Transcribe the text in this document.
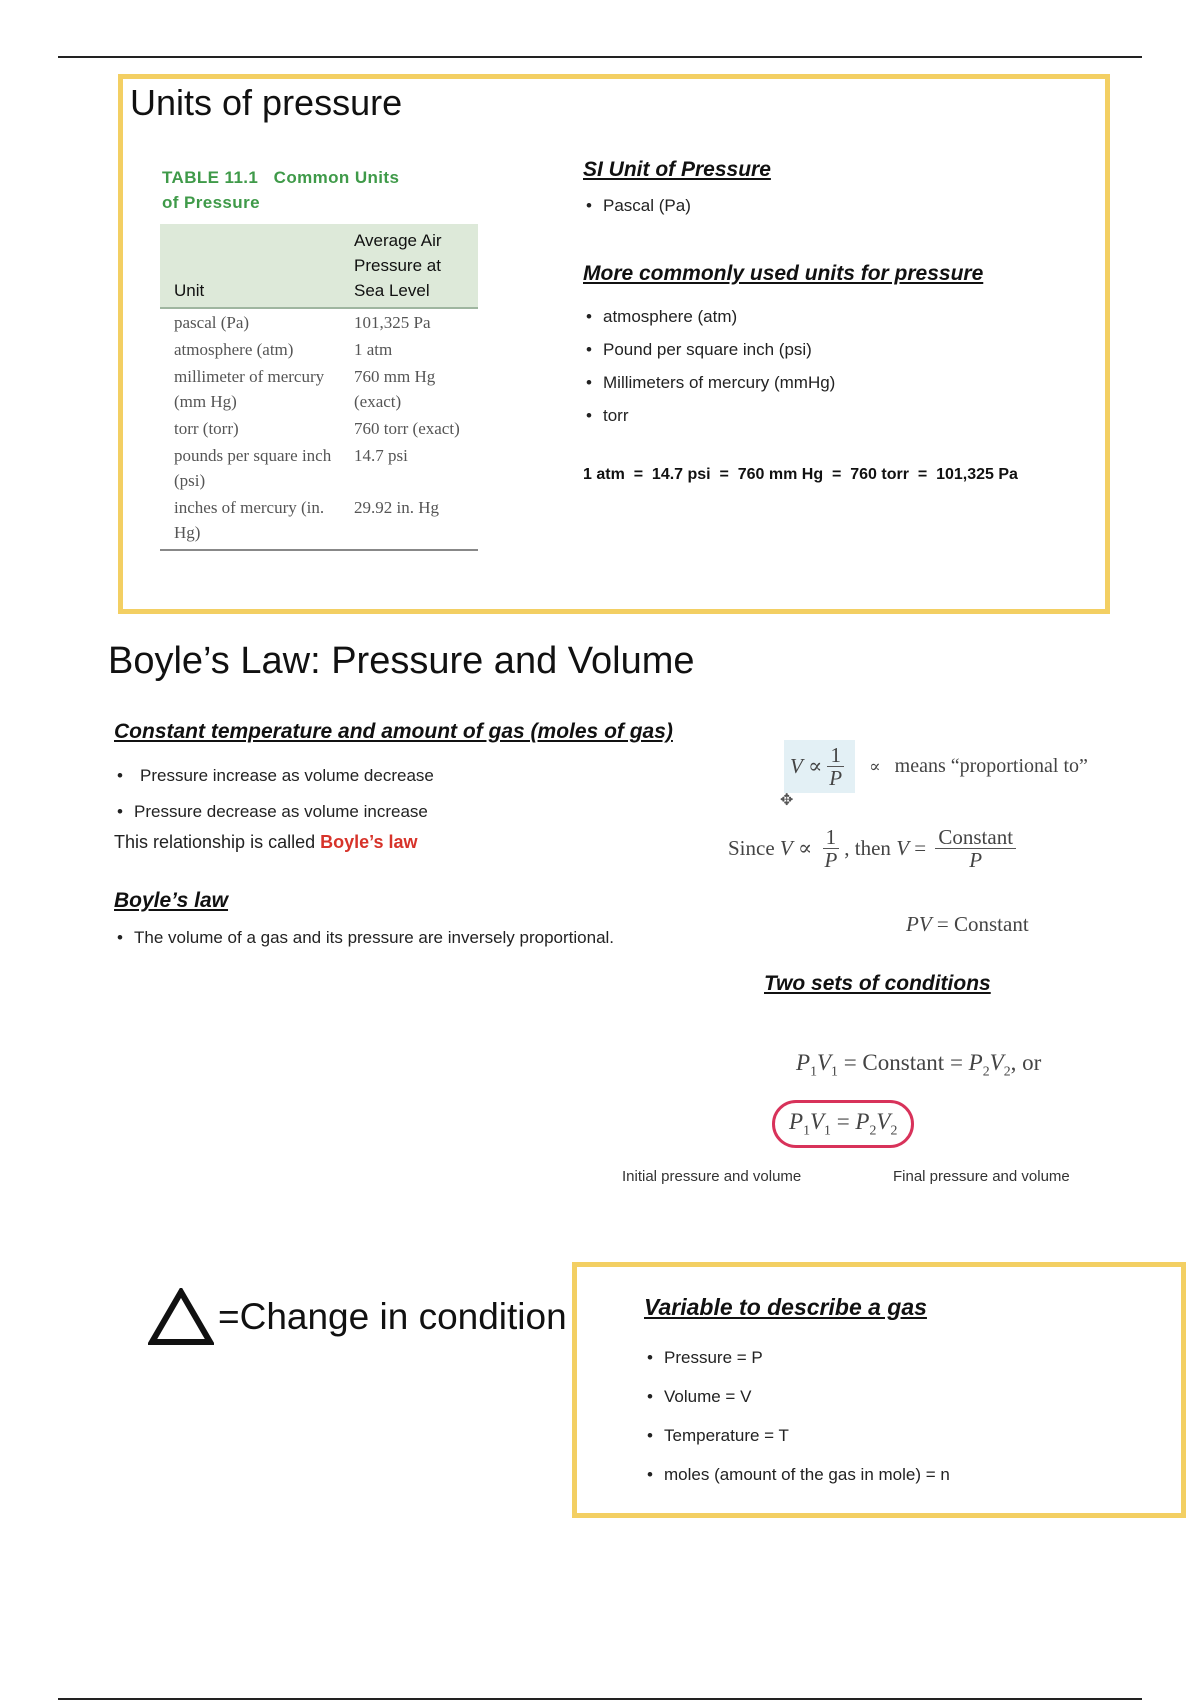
Units of pressure
TABLE 11.1   Common Units
of Pressure
Unit	Average Air Pressure at Sea Level
pascal (Pa)	101,325 Pa
atmosphere (atm)	1 atm
millimeter of mercury (mm Hg)	760 mm Hg (exact)
torr (torr)	760 torr (exact)
pounds per square inch (psi)	14.7 psi
inches of mercury (in. Hg)	29.92 in. Hg
SI Unit of Pressure
• Pascal (Pa)
More commonly used units for pressure
• atmosphere (atm)
• Pound per square inch (psi)
• Millimeters of mercury (mmHg)
• torr
1 atm  =  14.7 psi  =  760 mm Hg  =  760 torr  =  101,325 Pa
Boyle’s Law: Pressure and Volume
Constant temperature and amount of gas (moles of gas)
• Pressure increase as volume decrease
• Pressure decrease as volume increase
This relationship is called Boyle’s law
Boyle’s law
• The volume of a gas and its pressure are inversely proportional.
V
∝ $\frac{1}{P}$ ∝ means “proportional to”
✥
Since
V
∝
$\frac{1}{P}$ , then
$V = \frac{\text{Constant}}{P}$
PV = Constant
Two sets of conditions
$P_1V_1$ = Constant = $P_2V_2$, or
$P_1V_1 = P_2V_2$
Initial pressure and volume	Final pressure and volume
=Change in condition	Variable to describe a gas
• Pressure = P
• Volume = V
• Temperature = T
• moles (amount of the gas in mole) = n
